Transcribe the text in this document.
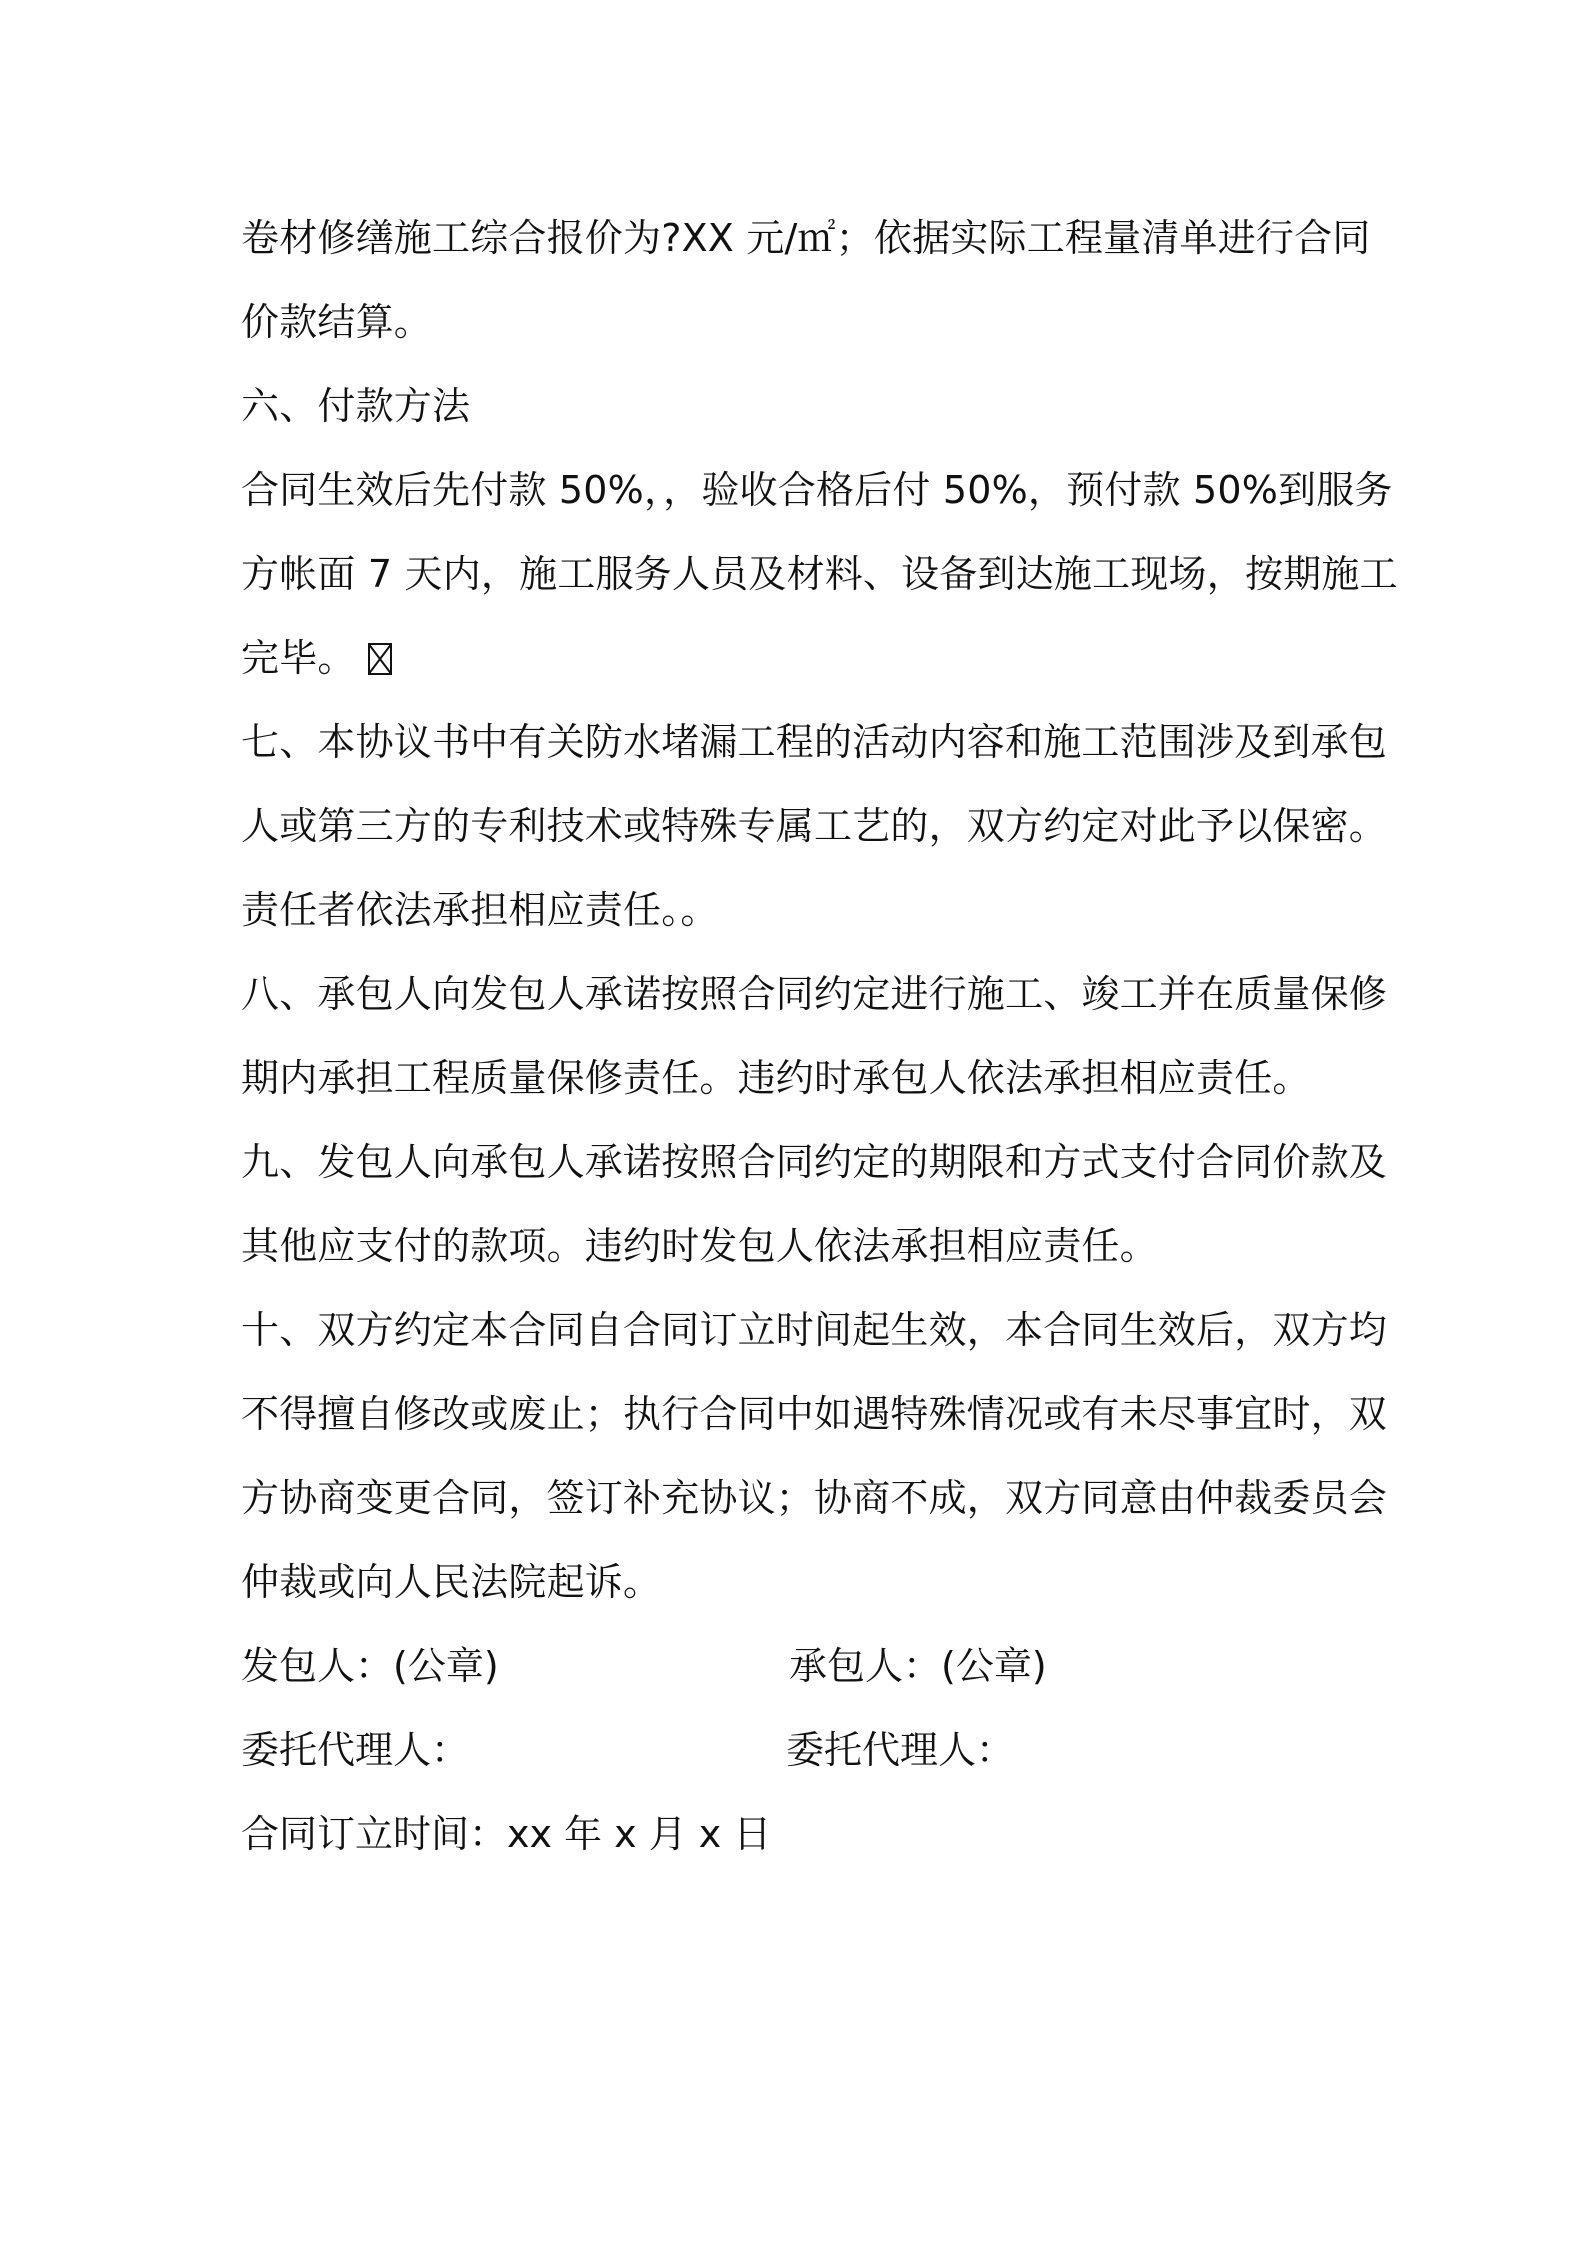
卷材修缮施工综合报价为?XX 元/㎡；依据实际工程量清单进行合同
价款结算。
六、付款方法
合同生效后先付款 50%，，验收合格后付 50%，预付款 50%到服务
方帐面 7 天内，施工服务人员及材料、设备到达施工现场，按期施工
完毕。
七、本协议书中有关防水堵漏工程的活动内容和施工范围涉及到承包
人或第三方的专利技术或特殊专属工艺的，双方约定对此予以保密。
责任者依法承担相应责任。。
八、承包人向发包人承诺按照合同约定进行施工、竣工并在质量保修
期内承担工程质量保修责任。违约时承包人依法承担相应责任。
九、发包人向承包人承诺按照合同约定的期限和方式支付合同价款及
其他应支付的款项。违约时发包人依法承担相应责任。
十、双方约定本合同自合同订立时间起生效，本合同生效后，双方均
不得擅自修改或废止；执行合同中如遇特殊情况或有未尽事宜时，双
方协商变更合同，签订补充协议；协商不成，双方同意由仲裁委员会
仲裁或向人民法院起诉。
发包人：(公章)	承包人：(公章)
委托代理人：	委托代理人：
合同订立时间：xx 年 x 月 x 日
